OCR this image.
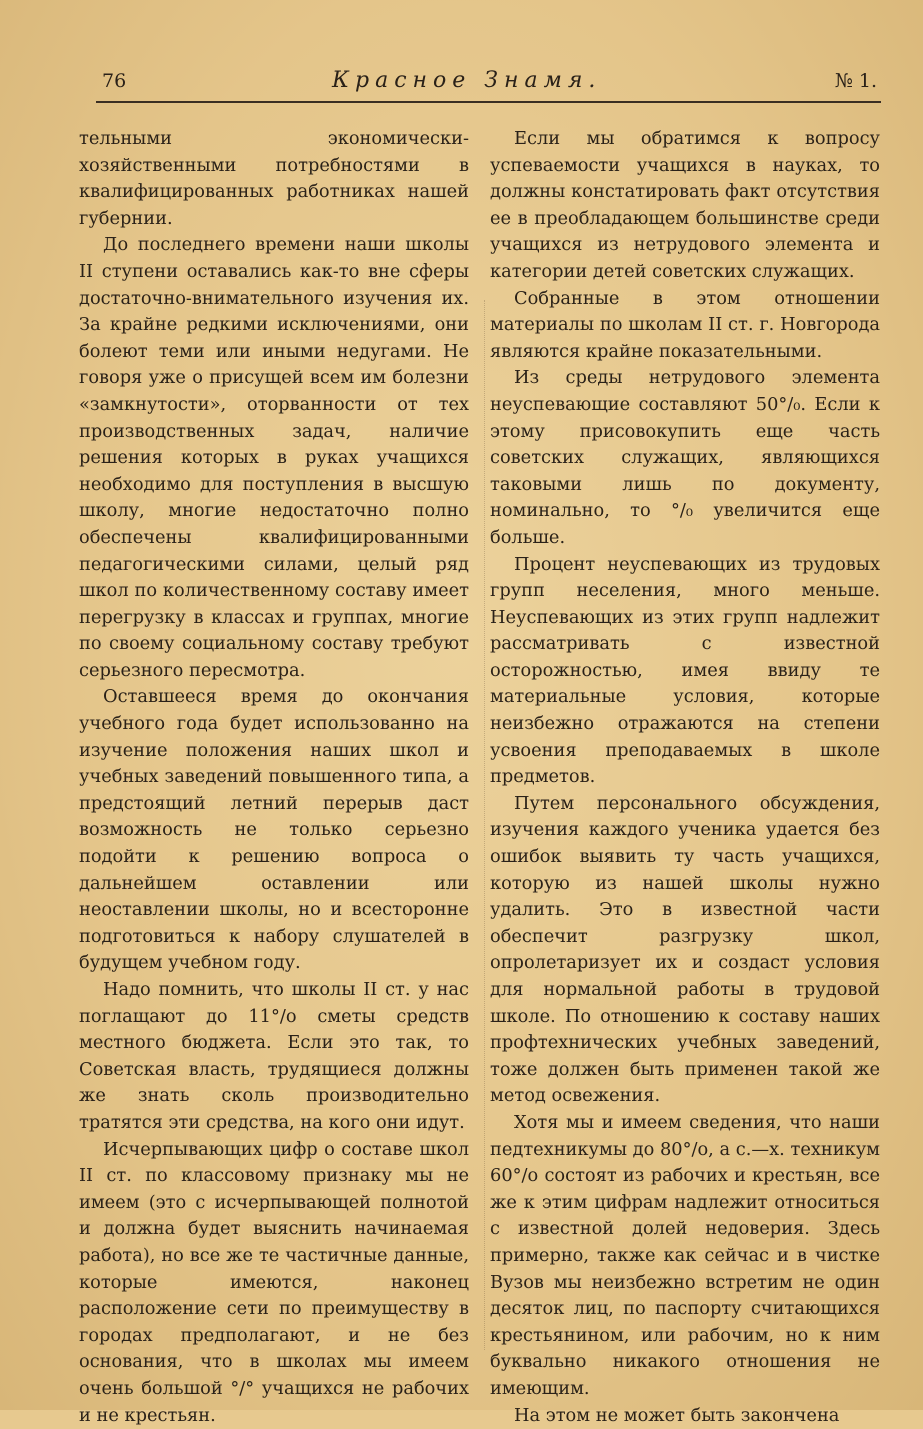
76	Красное Знамя.	№ 1.

тельными экономически-хозяйственными потребностями в квалифицированных работниках нашей губернии.

До последнего времени наши школы II ступени оставались как-то вне сферы достаточно-внимательного изучения их. За крайне редкими исключениями, они болеют теми или иными недугами. Не говоря уже о присущей всем им болезни «замкнутости», оторванности от тех производственных задач, наличие решения которых в руках учащихся необходимо для поступления в высшую школу, многие недостаточно полно обеспечены квалифицированными педагогическими силами, целый ряд школ по количественному составу имеет перегрузку в классах и группах, многие по своему социальному составу требуют серьезного пересмотра.

Оставшееся время до окончания учебного года будет использованно на изучение положения наших школ и учебных заведений повышенного типа, а предстоящий летний перерыв даст возможность не только серьезно подойти к решению вопроса о дальнейшем оставлении или неоставлении школы, но и всесторонне подготовиться к набору слушателей в будущем учебном году.

Надо помнить, что школы II ст. у нас поглащают до 11°/о сметы средств местного бюджета. Если это так, то Советская власть, трудящиеся должны же знать сколь производительно тратятся эти средства, на кого они идут.

Исчерпывающих цифр о составе школ II ст. по классовому признаку мы не имеем (это с исчерпывающей полнотой и должна будет выяснить начинаемая работа), но все же те частичные данные, которые имеются, наконец расположение сети по преимуществу в городах предполагают, и не без основания, что в школах мы имеем очень большой °/° учащихся не рабочих и не крестьян.

Если мы обратимся к вопросу успеваемости учащихся в науках, то должны констатировать факт отсутствия ее в преобладающем большинстве среди учащихся из нетрудового элемента и категории детей советских служащих.

Собранные в этом отношении материалы по школам II ст. г. Новгорода являются крайне показательными.

Из среды нетрудового элемента неуспевающие составляют 50°/₀. Если к этому присовокупить еще часть советских служащих, являющихся таковыми лишь по документу, номинально, то °/₀ увеличится еще больше.

Процент неуспевающих из трудовых групп неселения, много меньше. Неуспевающих из этих групп надлежит рассматривать с известной осторожностью, имея ввиду те материальные условия, которые неизбежно отражаются на степени усвоения преподаваемых в школе предметов.

Путем персонального обсуждения, изучения каждого ученика удается без ошибок выявить ту часть учащихся, которую из нашей школы нужно удалить. Это в известной части обеспечит разгрузку школ, опролетаризует их и создаст условия для нормальной работы в трудовой школе. По отношению к составу наших профтехнических учебных заведений, тоже должен быть применен такой же метод освежения.

Хотя мы и имеем сведения, что наши педтехникумы до 80°/о, а с.—х. техникум 60°/о состоят из рабочих и крестьян, все же к этим цифрам надлежит относиться с известной долей недоверия. Здесь примерно, также как сейчас и в чистке Вузов мы неизбежно встретим не один десяток лиц, по паспорту считающихся крестьянином, или рабочим, но к ним буквально никакого отношения не имеющим.

На этом не может быть закончена
